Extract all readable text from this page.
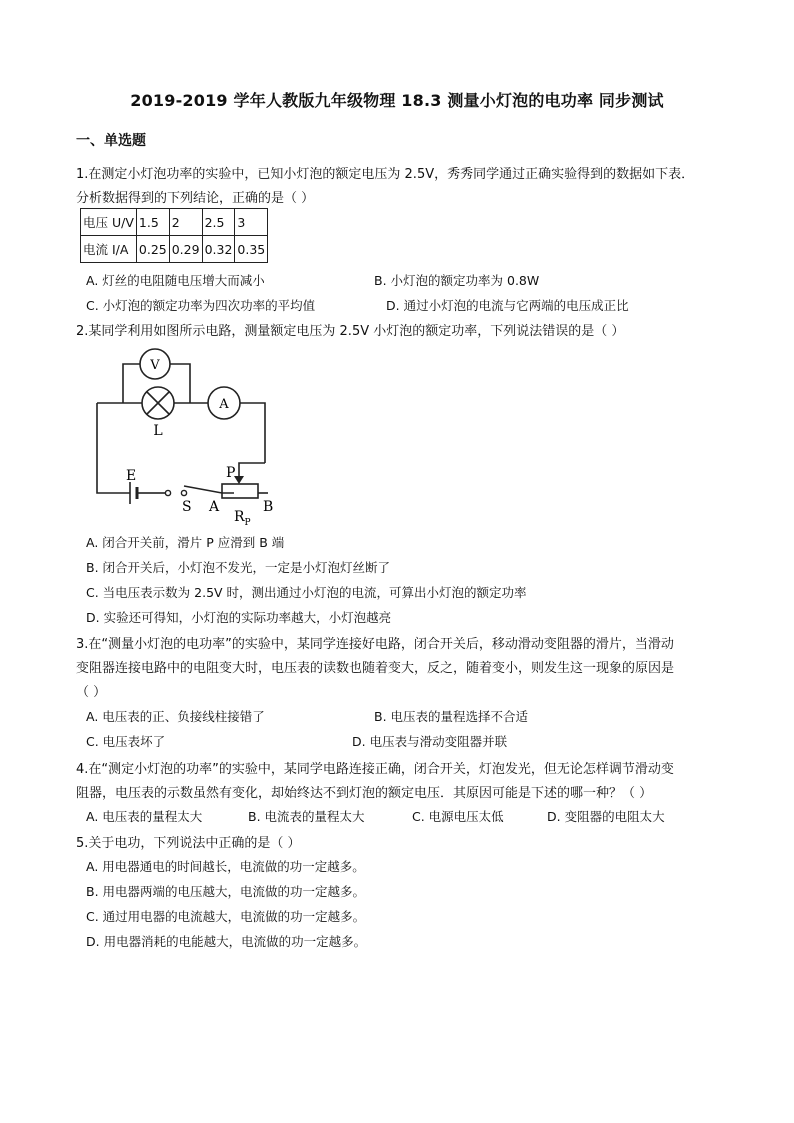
2019-2019 学年人教版九年级物理 18.3 测量小灯泡的电功率 同步测试
一、单选题
1.在测定小灯泡功率的实验中，已知小灯泡的额定电压为 2.5V，秀秀同学通过正确实验得到的数据如下表．
分析数据得到的下列结论，正确的是（ ）
电压 U/V	1.5	2	2.5	3
电流 I/A	0.25	0.29	0.32	0.35
A. 灯丝的电阻随电压增大而减小	B. 小灯泡的额定功率为 0.8W
C. 小灯泡的额定功率为四次功率的平均值	D. 通过小灯泡的电流与它两端的电压成正比
2.某同学利用如图所示电路，测量额定电压为 2.5V 小灯泡的额定功率，下列说法错误的是（ ）
V
L
A
E
S
P
A	B
$R_P$
A. 闭合开关前，滑片 P 应滑到 B 端
B. 闭合开关后，小灯泡不发光，一定是小灯泡灯丝断了
C. 当电压表示数为 2.5V 时，测出通过小灯泡的电流，可算出小灯泡的额定功率
D. 实验还可得知，小灯泡的实际功率越大，小灯泡越亮
3.在“测量小灯泡的电功率”的实验中，某同学连接好电路，闭合开关后，移动滑动变阻器的滑片，当滑动
变阻器连接电路中的电阻变大时，电压表的读数也随着变大，反之，随着变小，则发生这一现象的原因是
（ ）
A. 电压表的正、负接线柱接错了	B. 电压表的量程选择不合适
C. 电压表坏了	D. 电压表与滑动变阻器并联
4.在“测定小灯泡的功率”的实验中，某同学电路连接正确，闭合开关，灯泡发光，但无论怎样调节滑动变
阻器，电压表的示数虽然有变化，却始终达不到灯泡的额定电压．其原因可能是下述的哪一种？（ ）
A. 电压表的量程太大	B. 电流表的量程太大	C. 电源电压太低	D. 变阻器的电阻太大
5.关于电功，下列说法中正确的是（ ）
A. 用电器通电的时间越长，电流做的功一定越多。
B. 用电器两端的电压越大，电流做的功一定越多。
C. 通过用电器的电流越大，电流做的功一定越多。
D. 用电器消耗的电能越大，电流做的功一定越多。
